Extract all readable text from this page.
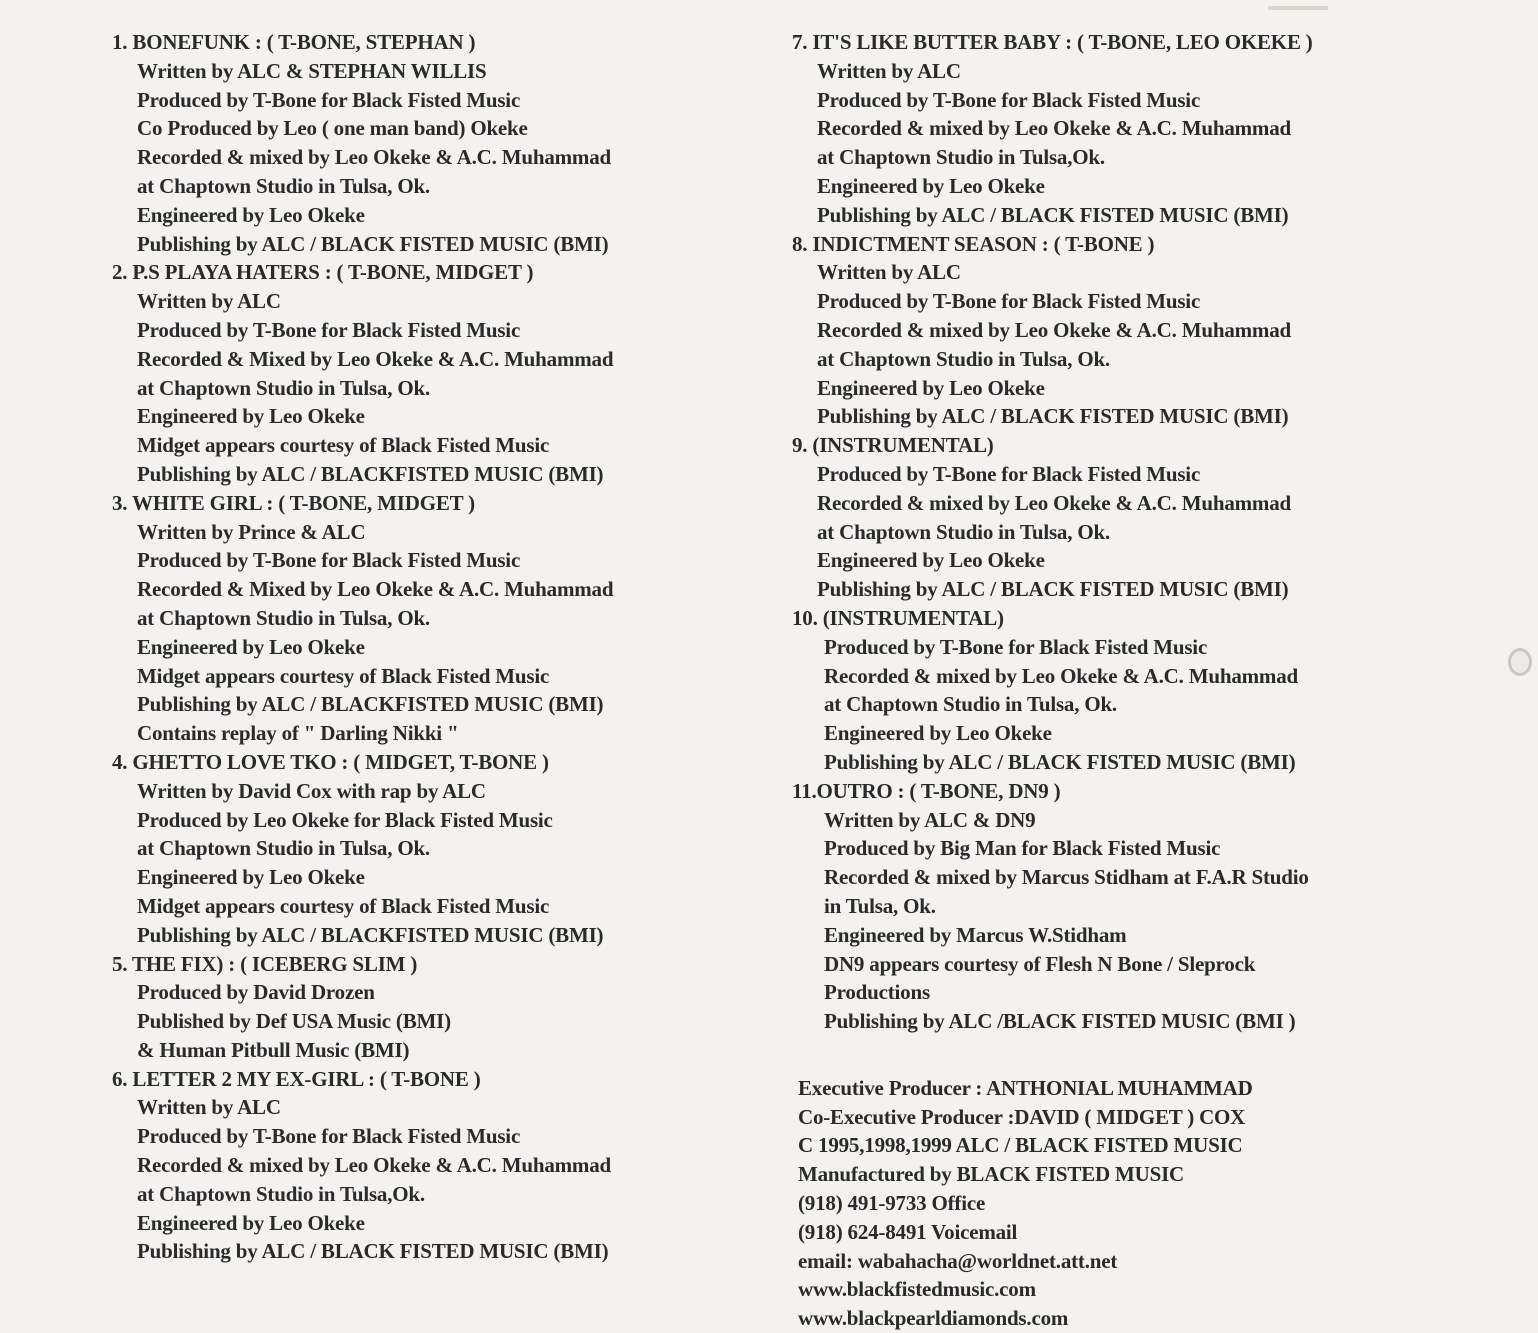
1. BONEFUNK : ( T-BONE, STEPHAN )
Written by ALC & STEPHAN WILLIS
Produced by T-Bone for Black Fisted Music
Co Produced by Leo ( one man band) Okeke
Recorded & mixed by Leo Okeke & A.C. Muhammad
at Chaptown Studio in Tulsa, Ok.
Engineered by Leo Okeke
Publishing by ALC / BLACK FISTED MUSIC (BMI)
2. P.S PLAYA HATERS : ( T-BONE, MIDGET )
Written by ALC
Produced by T-Bone for Black Fisted Music
Recorded & Mixed by Leo Okeke & A.C. Muhammad
at Chaptown Studio in Tulsa, Ok.
Engineered by Leo Okeke
Midget appears courtesy of Black Fisted Music
Publishing by ALC / BLACKFISTED MUSIC (BMI)
3. WHITE GIRL : ( T-BONE, MIDGET )
Written by Prince & ALC
Produced by T-Bone for Black Fisted Music
Recorded & Mixed by Leo Okeke & A.C. Muhammad
at Chaptown Studio in Tulsa, Ok.
Engineered by Leo Okeke
Midget appears courtesy of Black Fisted Music
Publishing by ALC / BLACKFISTED MUSIC (BMI)
Contains replay of " Darling Nikki "
4. GHETTO LOVE TKO : ( MIDGET, T-BONE )
Written by David Cox with rap by ALC
Produced by Leo Okeke for Black Fisted Music
at Chaptown Studio in Tulsa, Ok.
Engineered by Leo Okeke
Midget appears courtesy of Black Fisted Music
Publishing by ALC / BLACKFISTED MUSIC (BMI)
5. THE FIX) : ( ICEBERG SLIM )
Produced by David Drozen
Published by Def USA Music (BMI)
& Human Pitbull Music (BMI)
6. LETTER 2 MY EX-GIRL : ( T-BONE )
Written by ALC
Produced by T-Bone for Black Fisted Music
Recorded & mixed by Leo Okeke & A.C. Muhammad
at Chaptown Studio in Tulsa,Ok.
Engineered by Leo Okeke
Publishing by ALC / BLACK FISTED MUSIC (BMI)
7. IT'S LIKE BUTTER BABY : ( T-BONE, LEO OKEKE )
Written by ALC
Produced by T-Bone for Black Fisted Music
Recorded & mixed by Leo Okeke & A.C. Muhammad
at Chaptown Studio in Tulsa,Ok.
Engineered by Leo Okeke
Publishing by ALC / BLACK FISTED MUSIC (BMI)
8. INDICTMENT SEASON : ( T-BONE )
Written by ALC
Produced by T-Bone for Black Fisted Music
Recorded & mixed by Leo Okeke & A.C. Muhammad
at Chaptown Studio in Tulsa, Ok.
Engineered by Leo Okeke
Publishing by ALC / BLACK FISTED MUSIC (BMI)
9. (INSTRUMENTAL)
Produced by T-Bone for Black Fisted Music
Recorded & mixed by Leo Okeke & A.C. Muhammad
at Chaptown Studio in Tulsa, Ok.
Engineered by Leo Okeke
Publishing by ALC / BLACK FISTED MUSIC (BMI)
10. (INSTRUMENTAL)
Produced by T-Bone for Black Fisted Music
Recorded & mixed by Leo Okeke & A.C. Muhammad
at Chaptown Studio in Tulsa, Ok.
Engineered by Leo Okeke
Publishing by ALC / BLACK FISTED MUSIC (BMI)
11.OUTRO : ( T-BONE, DN9 )
Written by ALC & DN9
Produced by Big Man for Black Fisted Music
Recorded & mixed by Marcus Stidham at F.A.R Studio
in Tulsa, Ok.
Engineered by Marcus W.Stidham
DN9 appears courtesy of Flesh N Bone / Sleprock
Productions
Publishing by ALC /BLACK FISTED MUSIC (BMI )
Executive Producer : ANTHONIAL MUHAMMAD
Co-Executive Producer :DAVID ( MIDGET ) COX
C 1995,1998,1999 ALC / BLACK FISTED MUSIC
Manufactured by BLACK FISTED MUSIC
(918) 491-9733 Office
(918) 624-8491 Voicemail
email: wabahacha@worldnet.att.net
www.blackfistedmusic.com
www.blackpearldiamonds.com
